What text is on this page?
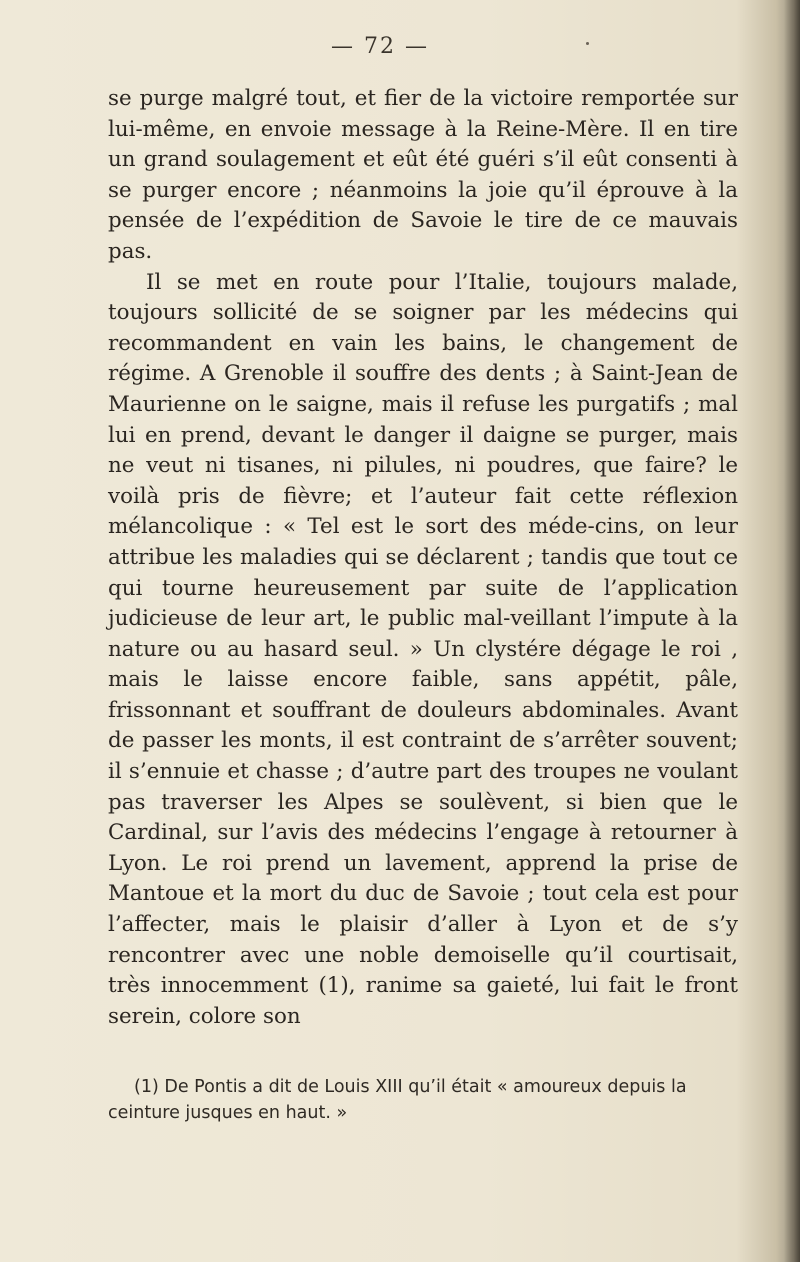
— 72 —

se purge malgré tout, et fier de la victoire remportée sur lui-même, en envoie message à la Reine-Mère. Il en tire un grand soulagement et eût été guéri s’il eût consenti à se purger encore ; néanmoins la joie qu’il éprouve à la pensée de l’expédition de Savoie le tire de ce mauvais pas.

Il se met en route pour l’Italie, toujours malade, toujours sollicité de se soigner par les médecins qui recommandent en vain les bains, le changement de régime. A Grenoble il souffre des dents ; à Saint-Jean de Maurienne on le saigne, mais il refuse les purgatifs ; mal lui en prend, devant le danger il daigne se purger, mais ne veut ni tisanes, ni pilules, ni poudres, que faire? le voilà pris de fièvre; et l’auteur fait cette réflexion mélancolique : « Tel est le sort des méde-cins, on leur attribue les maladies qui se déclarent ; tandis que tout ce qui tourne heureusement par suite de l’application judicieuse de leur art, le public mal-veillant l’impute à la nature ou au hasard seul. » Un clystére dégage le roi , mais le laisse encore faible, sans appétit, pâle, frissonnant et souffrant de douleurs abdominales. Avant de passer les monts, il est contraint de s’arrêter souvent; il s’ennuie et chasse ; d’autre part des troupes ne voulant pas traverser les Alpes se soulèvent, si bien que le Cardinal, sur l’avis des médecins l’engage à retourner à Lyon. Le roi prend un lavement, apprend la prise de Mantoue et la mort du duc de Savoie ; tout cela est pour l’affecter, mais le plaisir d’aller à Lyon et de s’y rencontrer avec une noble demoiselle qu’il courtisait, très innocemment (1), ranime sa gaieté, lui fait le front serein, colore son

(1) De Pontis a dit de Louis XIII qu’il était « amoureux depuis la ceinture jusques en haut. »
